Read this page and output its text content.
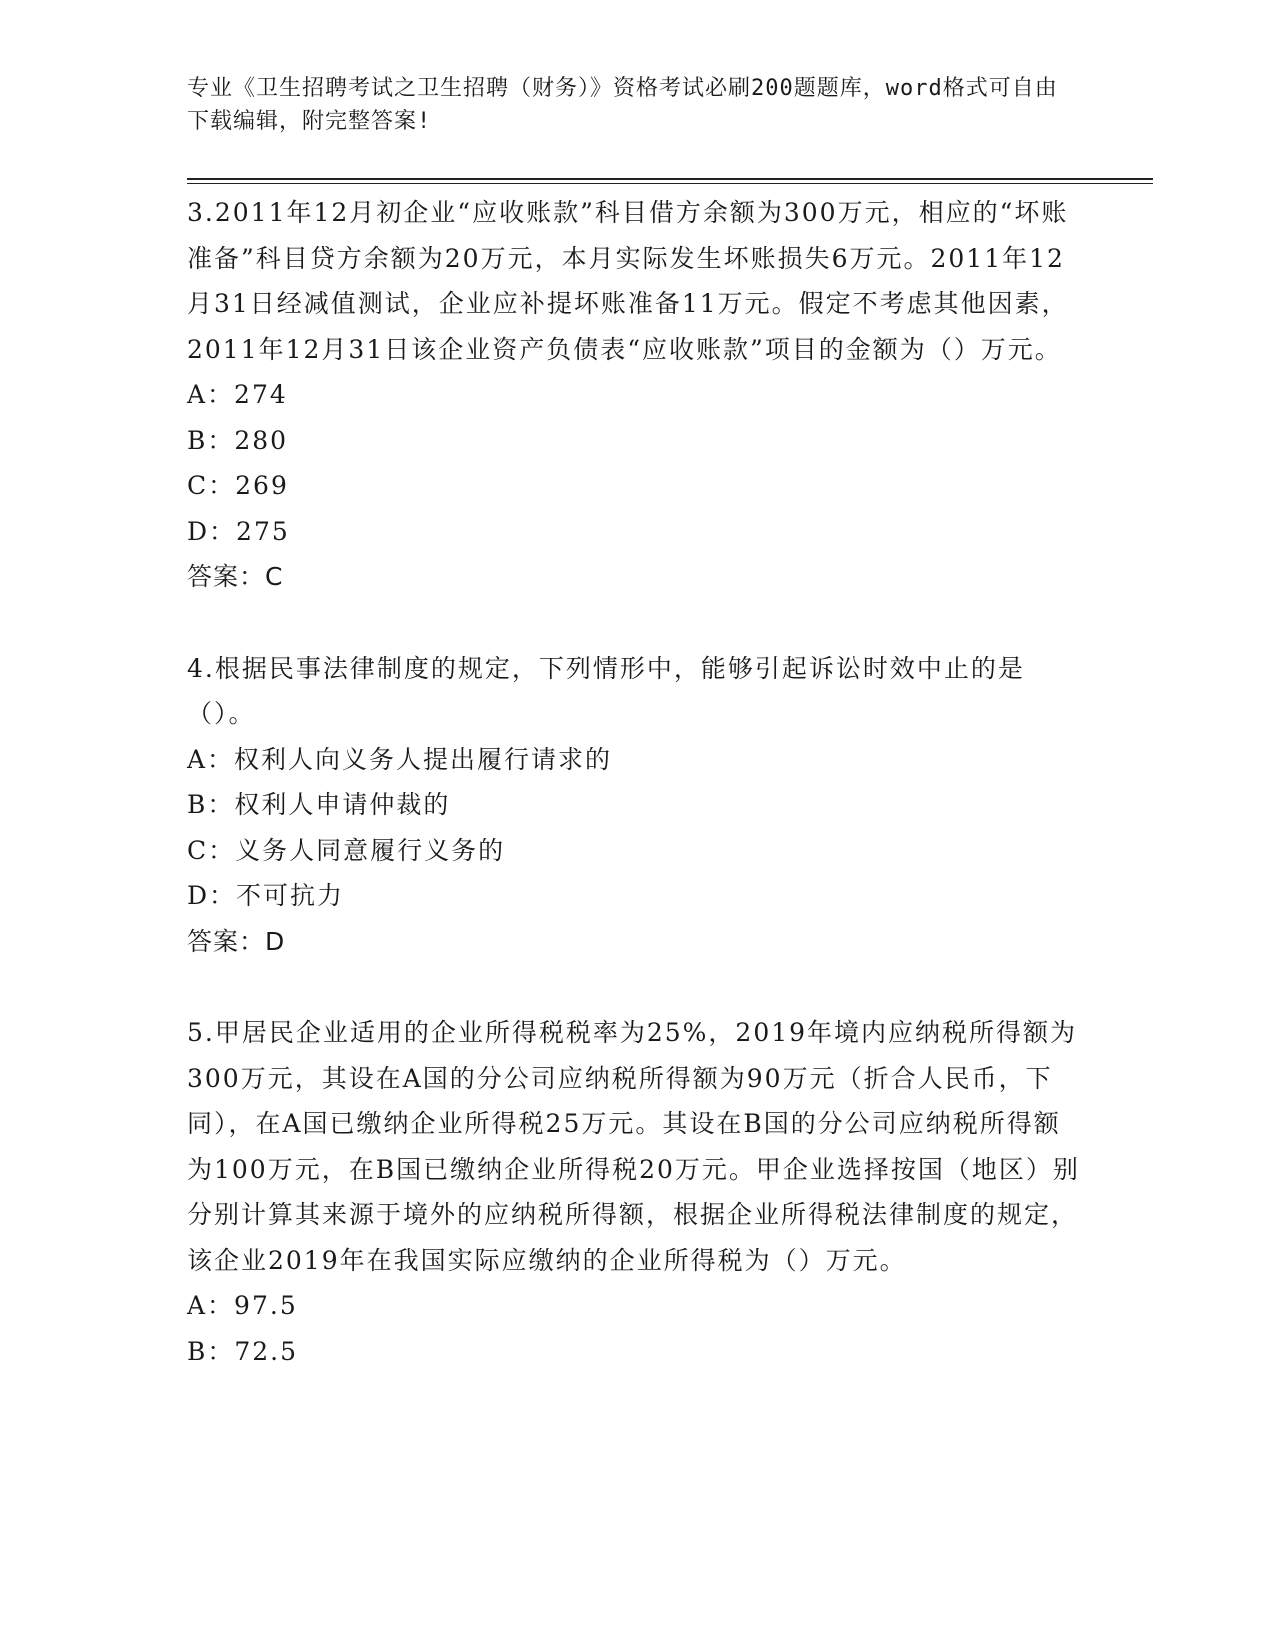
专业《卫生招聘考试之卫生招聘（财务）》资格考试必刷200题题库，word格式可自由下载编辑，附完整答案!

3.2011年12月初企业“应收账款”科目借方余额为300万元，相应的“坏账准备”科目贷方余额为20万元，本月实际发生坏账损失6万元。2011年12月31日经减值测试，企业应补提坏账准备11万元。假定不考虑其他因素，2011年12月31日该企业资产负债表“应收账款”项目的金额为（）万元。

A：274

B：280

C：269

D：275

答案：C

4.根据民事法律制度的规定，下列情形中，能够引起诉讼时效中止的是（）。

A：权利人向义务人提出履行请求的

B：权利人申请仲裁的

C：义务人同意履行义务的

D：不可抗力

答案：D

5.甲居民企业适用的企业所得税税率为25%，2019年境内应纳税所得额为300万元，其设在A国的分公司应纳税所得额为90万元（折合人民币，下同），在A国已缴纳企业所得税25万元。其设在B国的分公司应纳税所得额为100万元，在B国已缴纳企业所得税20万元。甲企业选择按国（地区）别分别计算其来源于境外的应纳税所得额，根据企业所得税法律制度的规定，该企业2019年在我国实际应缴纳的企业所得税为（）万元。

A：97.5

B：72.5
